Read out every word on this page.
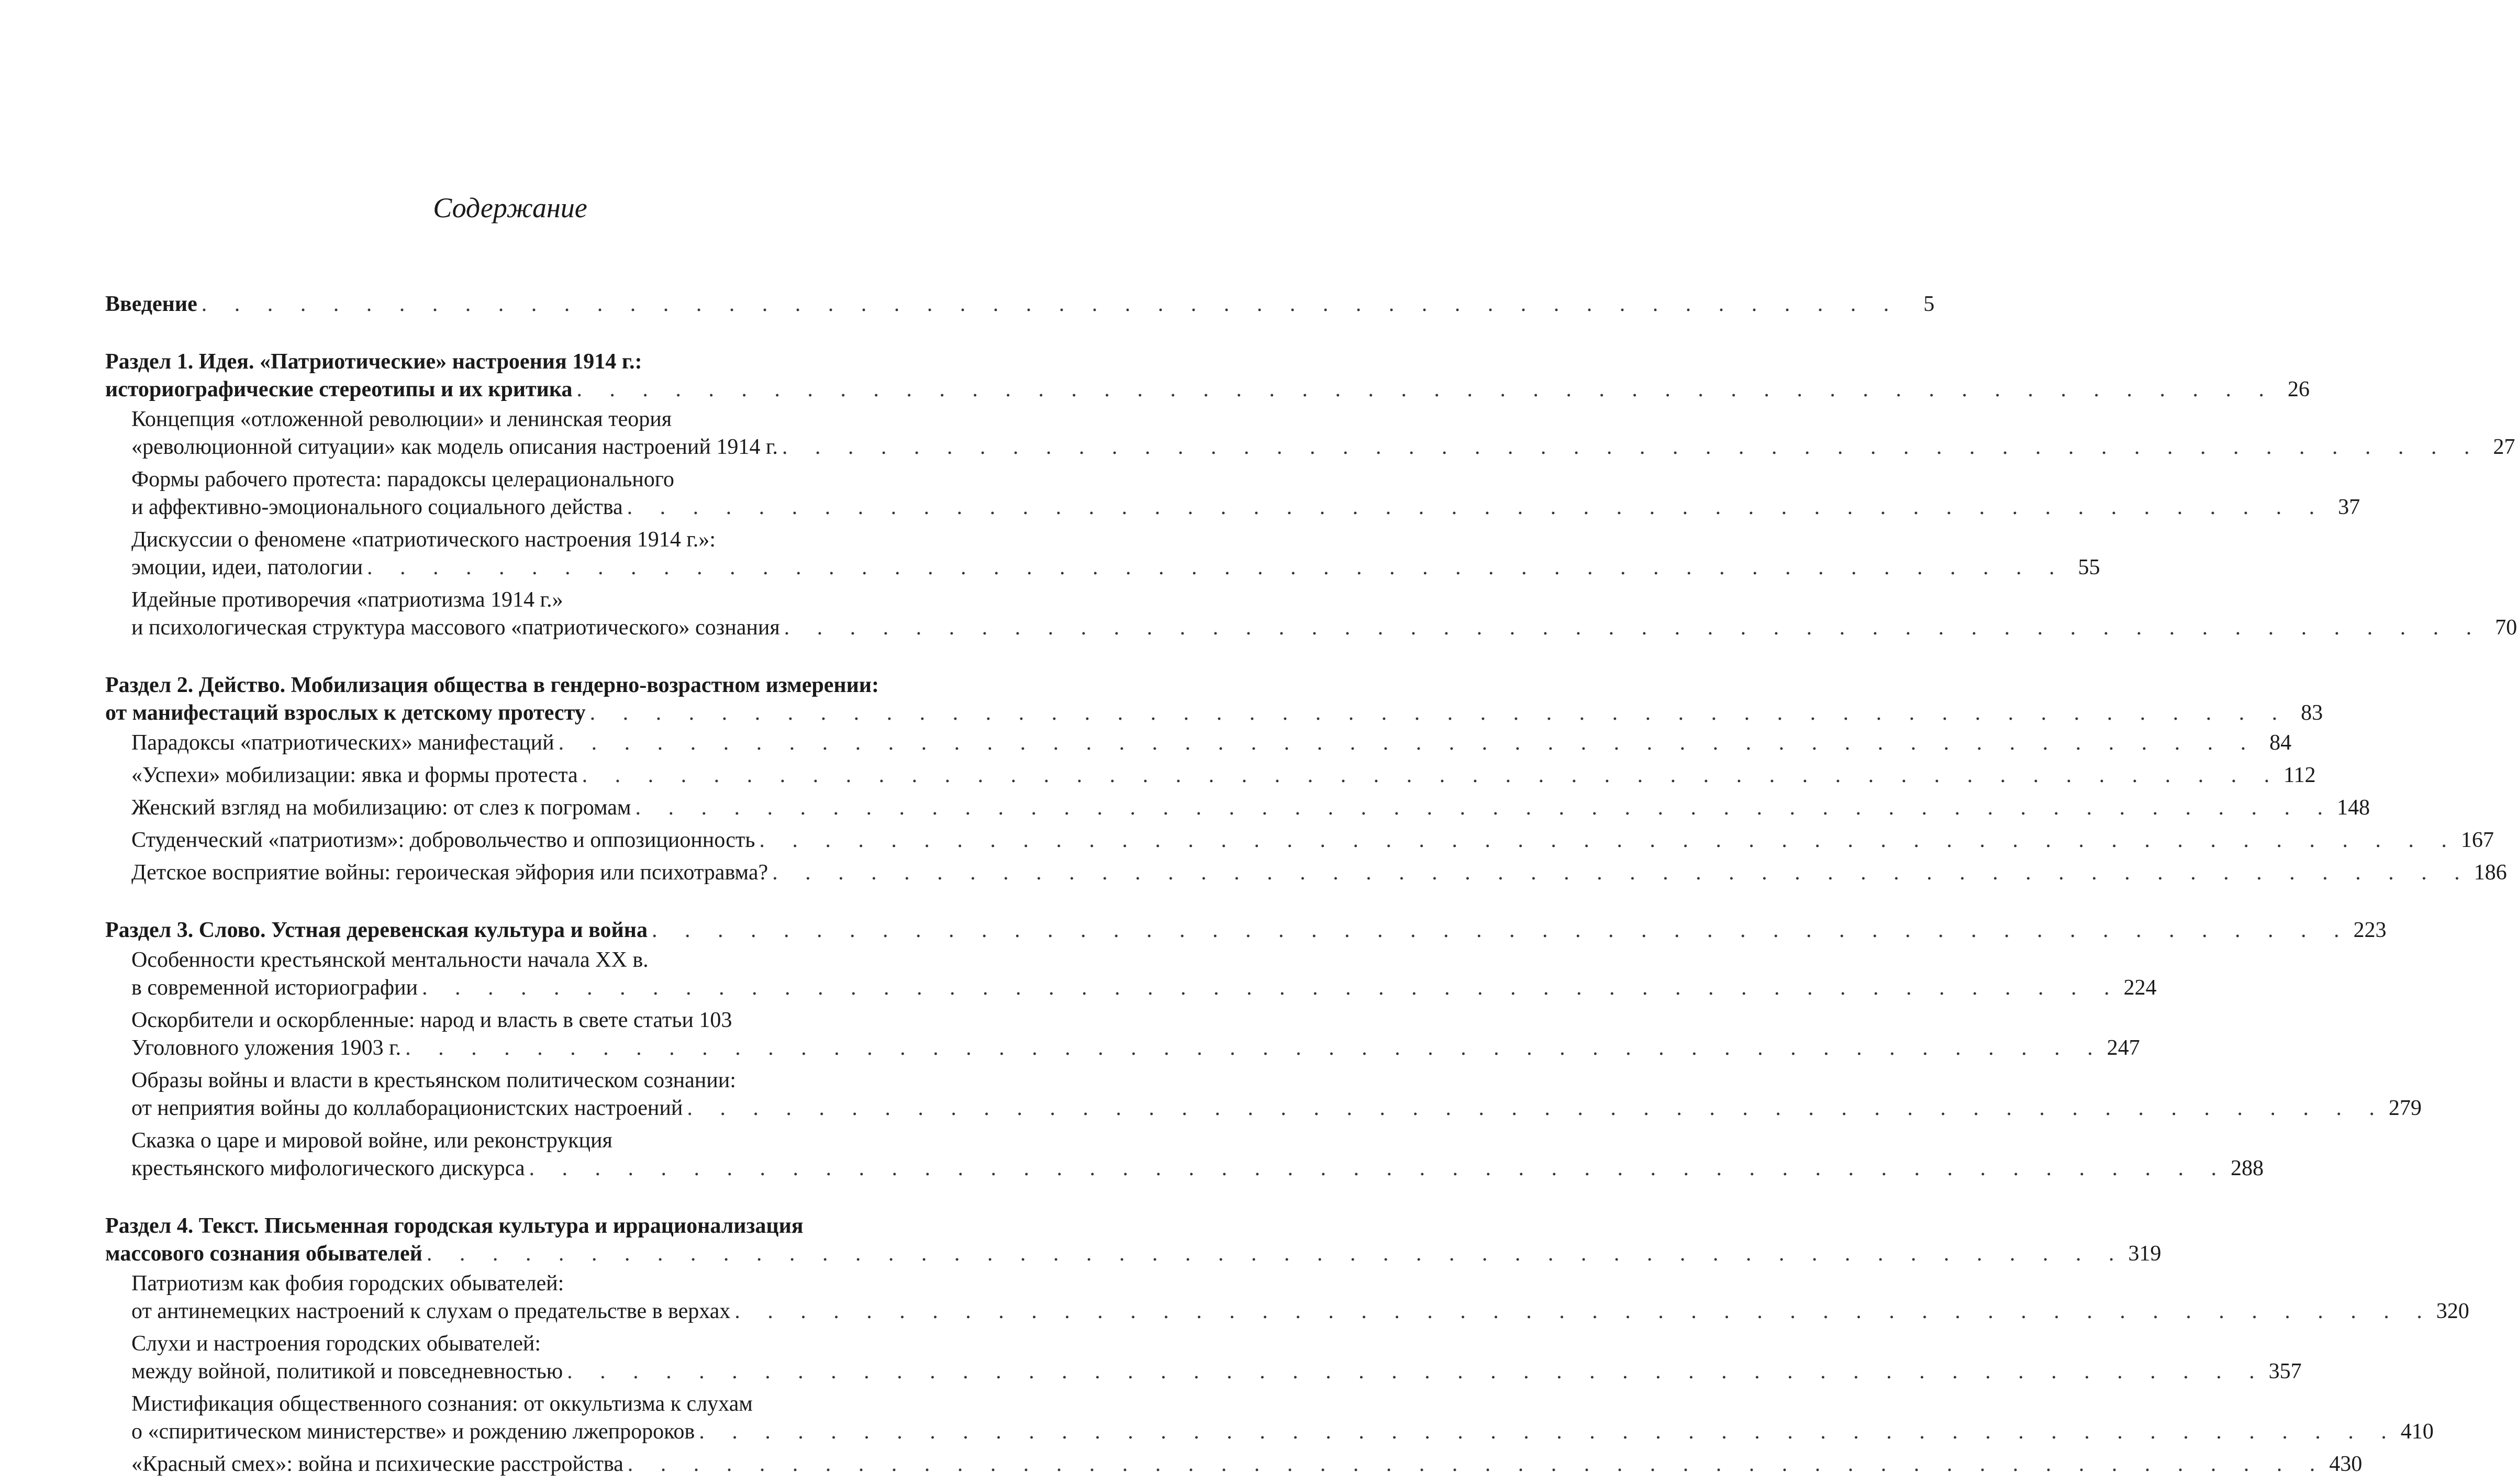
Содержание
Введение . . . . . . . . . . . . . . . . . . . . . . . . . . . . . . . . . . . . . . . . . . . . . . . . . . . .	5
Раздел 1. Идея. «Патриотические» настроения 1914 г.:
историографические стереотипы и их критика . . . . . . . . . . . . . . . . . . . . . . . . . . . . . . . . . . . . . . . . . . . . . . . . . . . . 26
Концепция «отложенной революции» и ленинская теория
«революционной ситуации» как модель описания настроений 1914 г. . . . . . . . . . . . . . . . . . . . . . . . . . . . . . . . . . . . . . . . . . . . . . . . . . . . . 27
Формы рабочего протеста: парадоксы целерационального
и аффективно-эмоционального социального действа . . . . . . . . . . . . . . . . . . . . . . . . . . . . . . . . . . . . . . . . . . . . . . . . . . . . 37
Дискуссии о феномене «патриотического настроения 1914 г.»:
эмоции, идеи, патологии . . . . . . . . . . . . . . . . . . . . . . . . . . . . . . . . . . . . . . . . . . . . . . . . . . . . 55
Идейные противоречия «патриотизма 1914 г.»
и психологическая структура массового «патриотического» сознания . . . . . . . . . . . . . . . . . . . . . . . . . . . . . . . . . . . . . . . . . . . . . . . . . . . . 70
Раздел 2. Действо. Мобилизация общества в гендерно-возрастном измерении:
от манифестаций взрослых к детскому протесту . . . . . . . . . . . . . . . . . . . . . . . . . . . . . . . . . . . . . . . . . . . . . . . . . . . . 83
Парадоксы «патриотических» манифестаций . . . . . . . . . . . . . . . . . . . . . . . . . . . . . . . . . . . . . . . . . . . . . . . . . . . . 84
«Успехи» мобилизации: явка и формы протеста . . . . . . . . . . . . . . . . . . . . . . . . . . . . . . . . . . . . . . . . . . . . . . . . . . . . 112
Женский взгляд на мобилизацию: от слез к погромам . . . . . . . . . . . . . . . . . . . . . . . . . . . . . . . . . . . . . . . . . . . . . . . . . . . . 148
Студенческий «патриотизм»: добровольчество и оппозиционность . . . . . . . . . . . . . . . . . . . . . . . . . . . . . . . . . . . . . . . . . . . . . . . . . . . . 167
Детское восприятие войны: героическая эйфория или психотравма? . . . . . . . . . . . . . . . . . . . . . . . . . . . . . . . . . . . . . . . . . . . . . . . . . . . . 186
Раздел 3. Слово. Устная деревенская культура и война . . . . . . . . . . . . . . . . . . . . . . . . . . . . . . . . . . . . . . . . . . . . . . . . . . . . 223
Особенности крестьянской ментальности начала XX в.
в современной историографии . . . . . . . . . . . . . . . . . . . . . . . . . . . . . . . . . . . . . . . . . . . . . . . . . . . . 224
Оскорбители и оскорбленные: народ и власть в свете статьи 103
Уголовного уложения 1903 г. . . . . . . . . . . . . . . . . . . . . . . . . . . . . . . . . . . . . . . . . . . . . . . . . . . . . 247
Образы войны и власти в крестьянском политическом сознании:
от неприятия войны до коллаборационистских настроений . . . . . . . . . . . . . . . . . . . . . . . . . . . . . . . . . . . . . . . . . . . . . . . . . . . . 279
Сказка о царе и мировой войне, или реконструкция
крестьянского мифологического дискурса . . . . . . . . . . . . . . . . . . . . . . . . . . . . . . . . . . . . . . . . . . . . . . . . . . . . 288
Раздел 4. Текст. Письменная городская культура и иррационализация
массового сознания обывателей . . . . . . . . . . . . . . . . . . . . . . . . . . . . . . . . . . . . . . . . . . . . . . . . . . . . 319
Патриотизм как фобия городских обывателей:
от антинемецких настроений к слухам о предательстве в верхах . . . . . . . . . . . . . . . . . . . . . . . . . . . . . . . . . . . . . . . . . . . . . . . . . . . . 320
Слухи и настроения городских обывателей:
между войной, политикой и повседневностью . . . . . . . . . . . . . . . . . . . . . . . . . . . . . . . . . . . . . . . . . . . . . . . . . . . . 357
Мистификация общественного сознания: от оккультизма к слухам
о «спиритическом министерстве» и рождению лжепророков . . . . . . . . . . . . . . . . . . . . . . . . . . . . . . . . . . . . . . . . . . . . . . . . . . . . 410
«Красный смех»: война и психические расстройства . . . . . . . . . . . . . . . . . . . . . . . . . . . . . . . . . . . . . . . . . . . . . . . . . . . . 430
